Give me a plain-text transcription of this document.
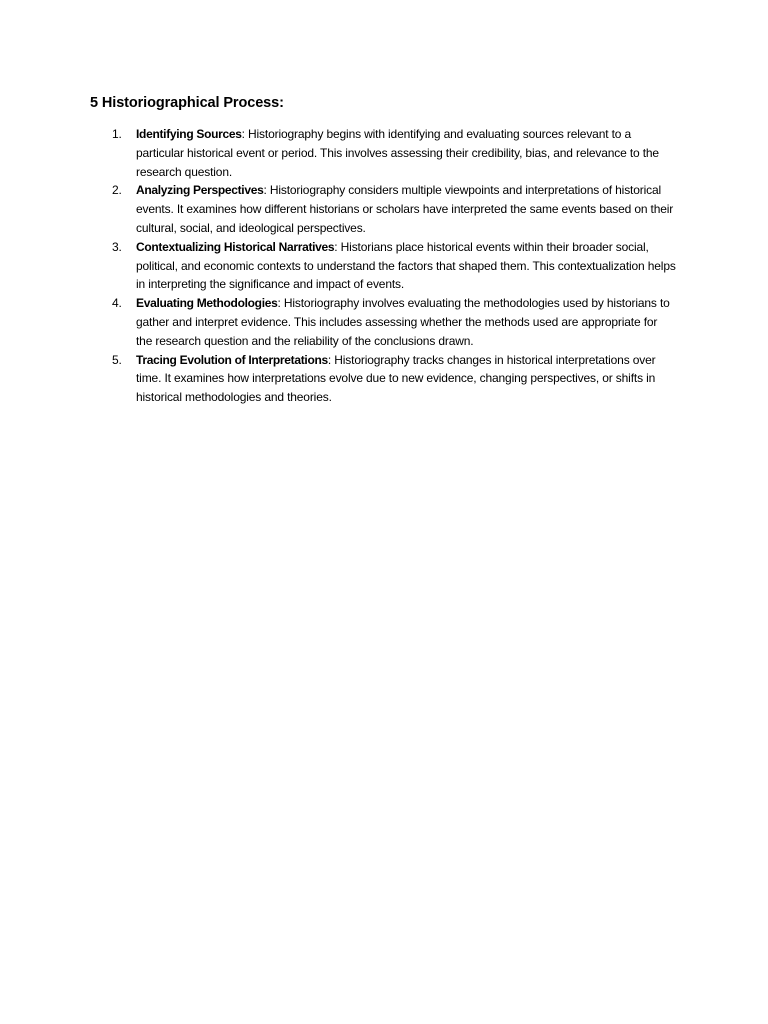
5 Historiographical Process:
1.	Identifying Sources: Historiography begins with identifying and evaluating sources relevant to a particular historical event or period. This involves assessing their credibility, bias, and relevance to the research question.
2.	Analyzing Perspectives: Historiography considers multiple viewpoints and interpretations of historical events. It examines how different historians or scholars have interpreted the same events based on their cultural, social, and ideological perspectives.
3.	Contextualizing Historical Narratives: Historians place historical events within their broader social, political, and economic contexts to understand the factors that shaped them. This contextualization helps in interpreting the significance and impact of events.
4.	Evaluating Methodologies: Historiography involves evaluating the methodologies used by historians to gather and interpret evidence. This includes assessing whether the methods used are appropriate for the research question and the reliability of the conclusions drawn.
5.	Tracing Evolution of Interpretations: Historiography tracks changes in historical interpretations over time. It examines how interpretations evolve due to new evidence, changing perspectives, or shifts in historical methodologies and theories.
